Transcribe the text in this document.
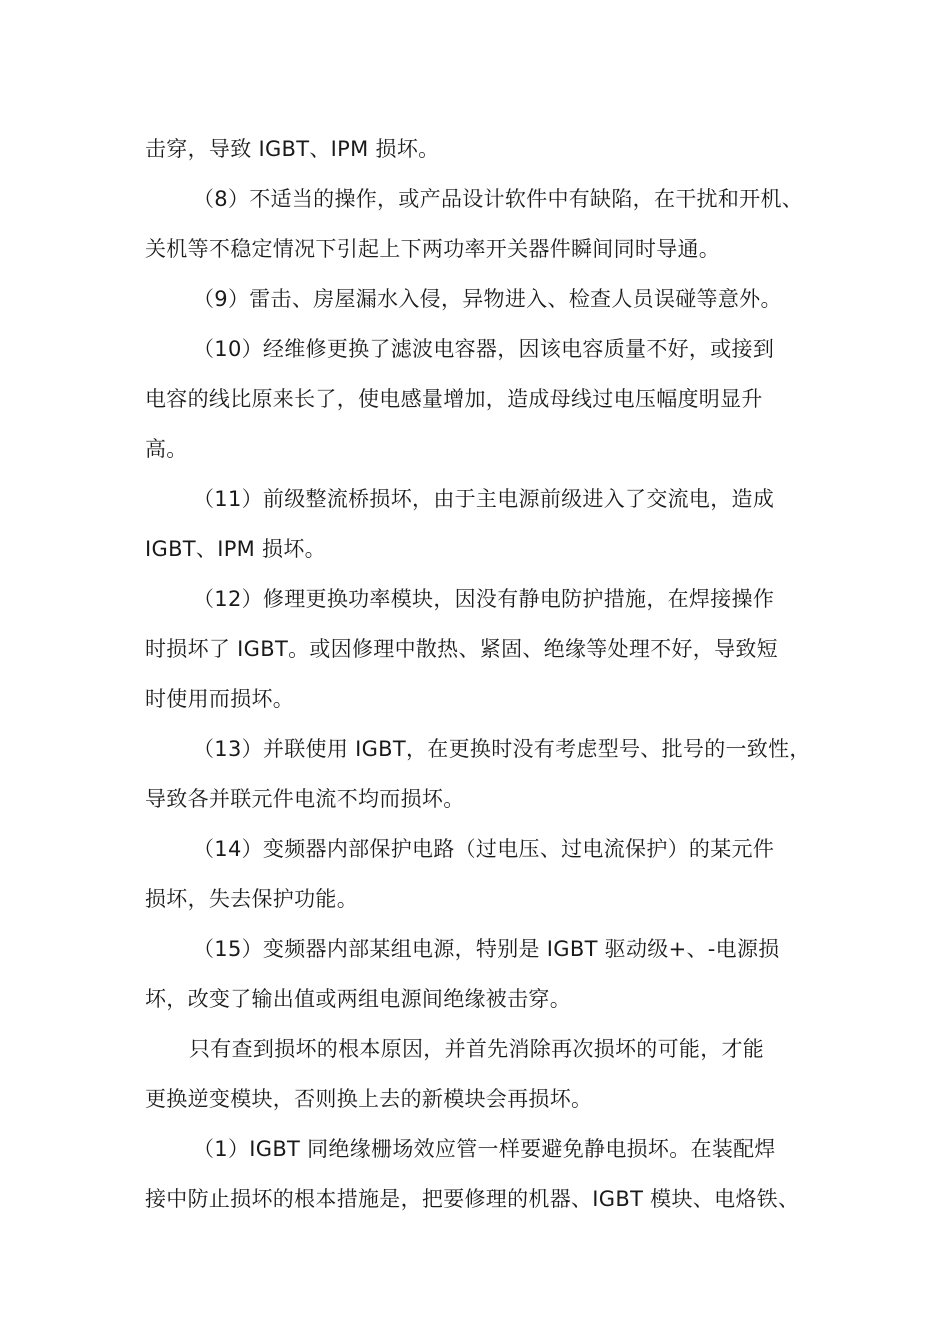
击穿，导致 IGBT、IPM 损坏。
（8）不适当的操作，或产品设计软件中有缺陷，在干扰和开机、
关机等不稳定情况下引起上下两功率开关器件瞬间同时导通。
（9）雷击、房屋漏水入侵，异物进入、检查人员误碰等意外。
（10）经维修更换了滤波电容器，因该电容质量不好，或接到
电容的线比原来长了，使电感量增加，造成母线过电压幅度明显升
高。
（11）前级整流桥损坏，由于主电源前级进入了交流电，造成
IGBT、IPM 损坏。
（12）修理更换功率模块，因没有静电防护措施，在焊接操作
时损坏了 IGBT。或因修理中散热、紧固、绝缘等处理不好，导致短
时使用而损坏。
（13）并联使用 IGBT，在更换时没有考虑型号、批号的一致性，
导致各并联元件电流不均而损坏。
（14）变频器内部保护电路（过电压、过电流保护）的某元件
损坏，失去保护功能。
（15）变频器内部某组电源，特别是 IGBT 驱动级+、-电源损
坏，改变了输出值或两组电源间绝缘被击穿。
只有查到损坏的根本原因，并首先消除再次损坏的可能，才能
更换逆变模块，否则换上去的新模块会再损坏。
（1）IGBT 同绝缘栅场效应管一样要避免静电损坏。在装配焊
接中防止损坏的根本措施是，把要修理的机器、IGBT 模块、电烙铁、
